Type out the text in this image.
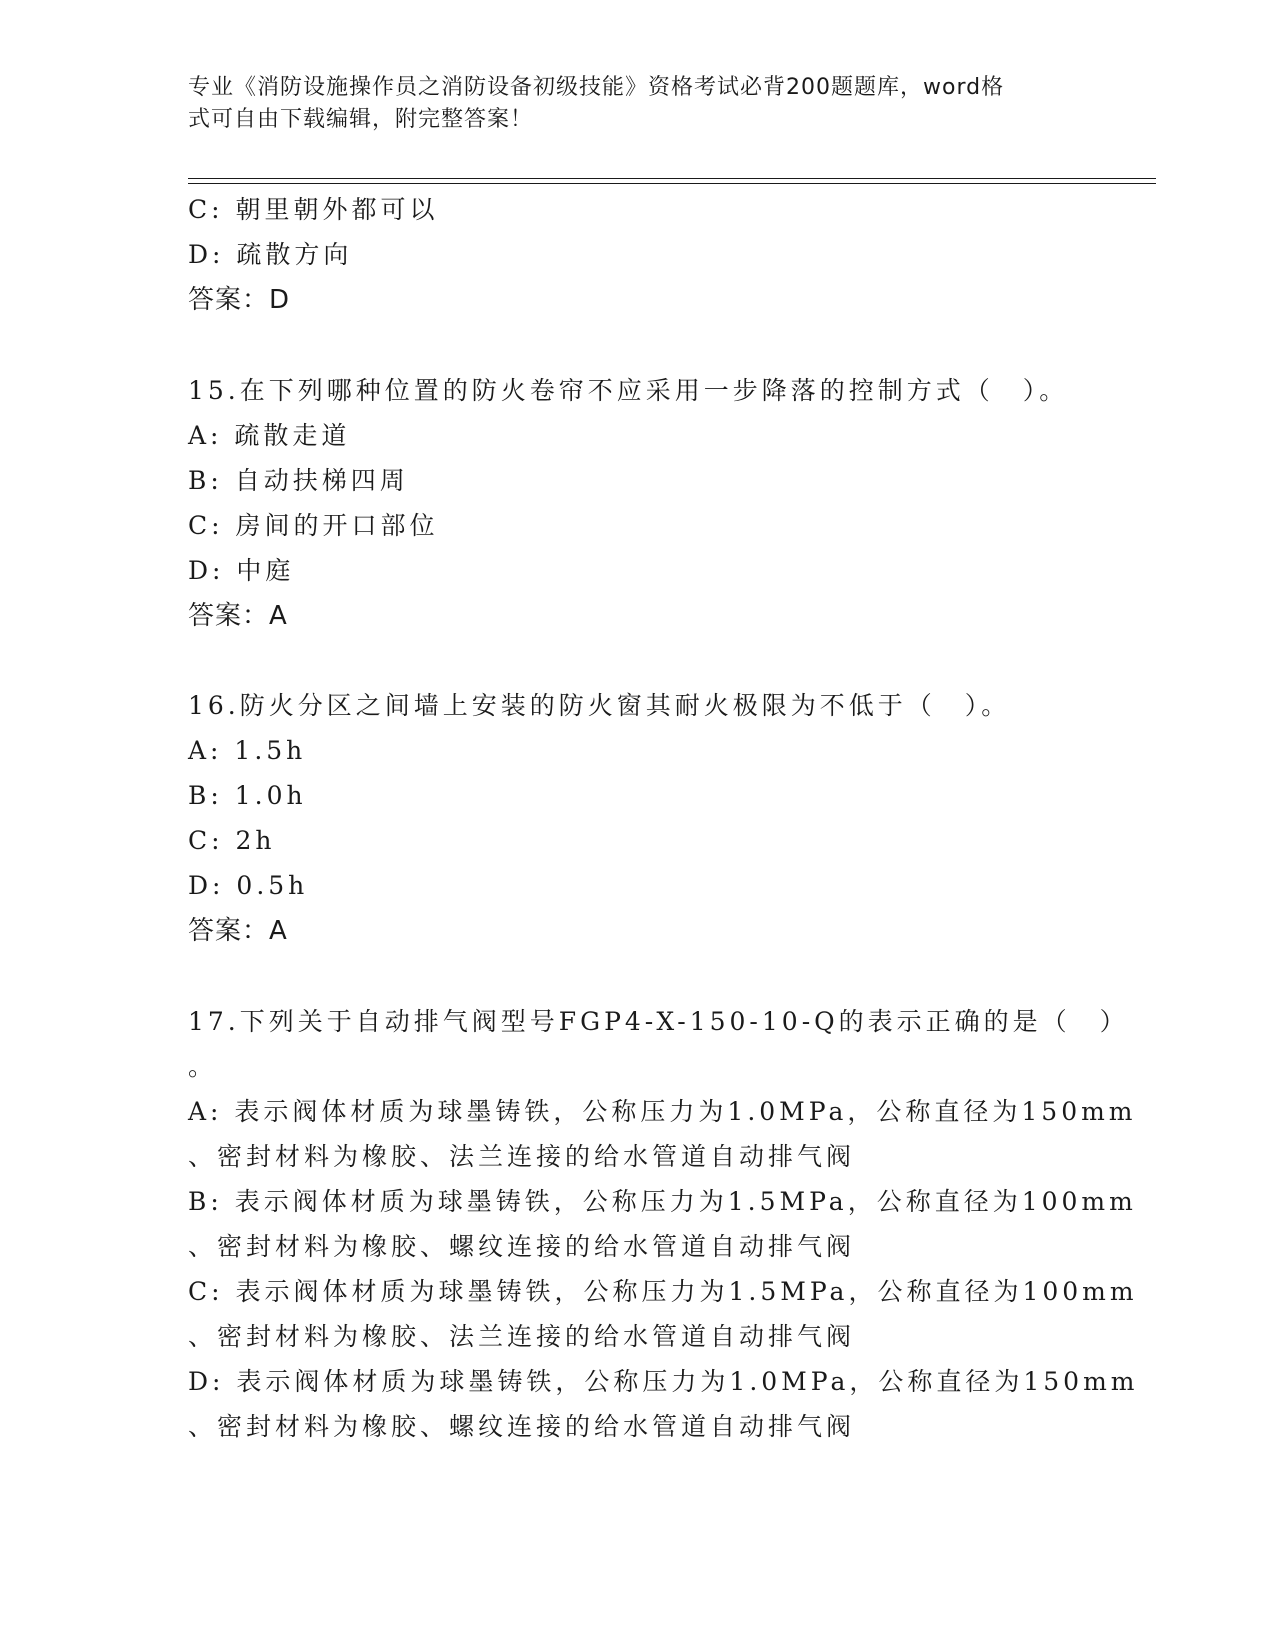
专业《消防设施操作员之消防设备初级技能》资格考试必背200题题库，word格
式可自由下载编辑，附完整答案！
C: 朝里朝外都可以
D: 疏散方向
答案：D
15.在下列哪种位置的防火卷帘不应采用一步降落的控制方式（　）。
A: 疏散走道
B: 自动扶梯四周
C: 房间的开口部位
D: 中庭
答案：A
16.防火分区之间墙上安装的防火窗其耐火极限为不低于（　）。
A: 1.5h
B: 1.0h
C: 2h
D: 0.5h
答案：A
17.下列关于自动排气阀型号FGP4-X-150-10-Q的表示正确的是（　）
。
A: 表示阀体材质为球墨铸铁，公称压力为1.0MPa，公称直径为150mm
、密封材料为橡胶、法兰连接的给水管道自动排气阀
B: 表示阀体材质为球墨铸铁，公称压力为1.5MPa，公称直径为100mm
、密封材料为橡胶、螺纹连接的给水管道自动排气阀
C: 表示阀体材质为球墨铸铁，公称压力为1.5MPa，公称直径为100mm
、密封材料为橡胶、法兰连接的给水管道自动排气阀
D: 表示阀体材质为球墨铸铁，公称压力为1.0MPa，公称直径为150mm
、密封材料为橡胶、螺纹连接的给水管道自动排气阀
